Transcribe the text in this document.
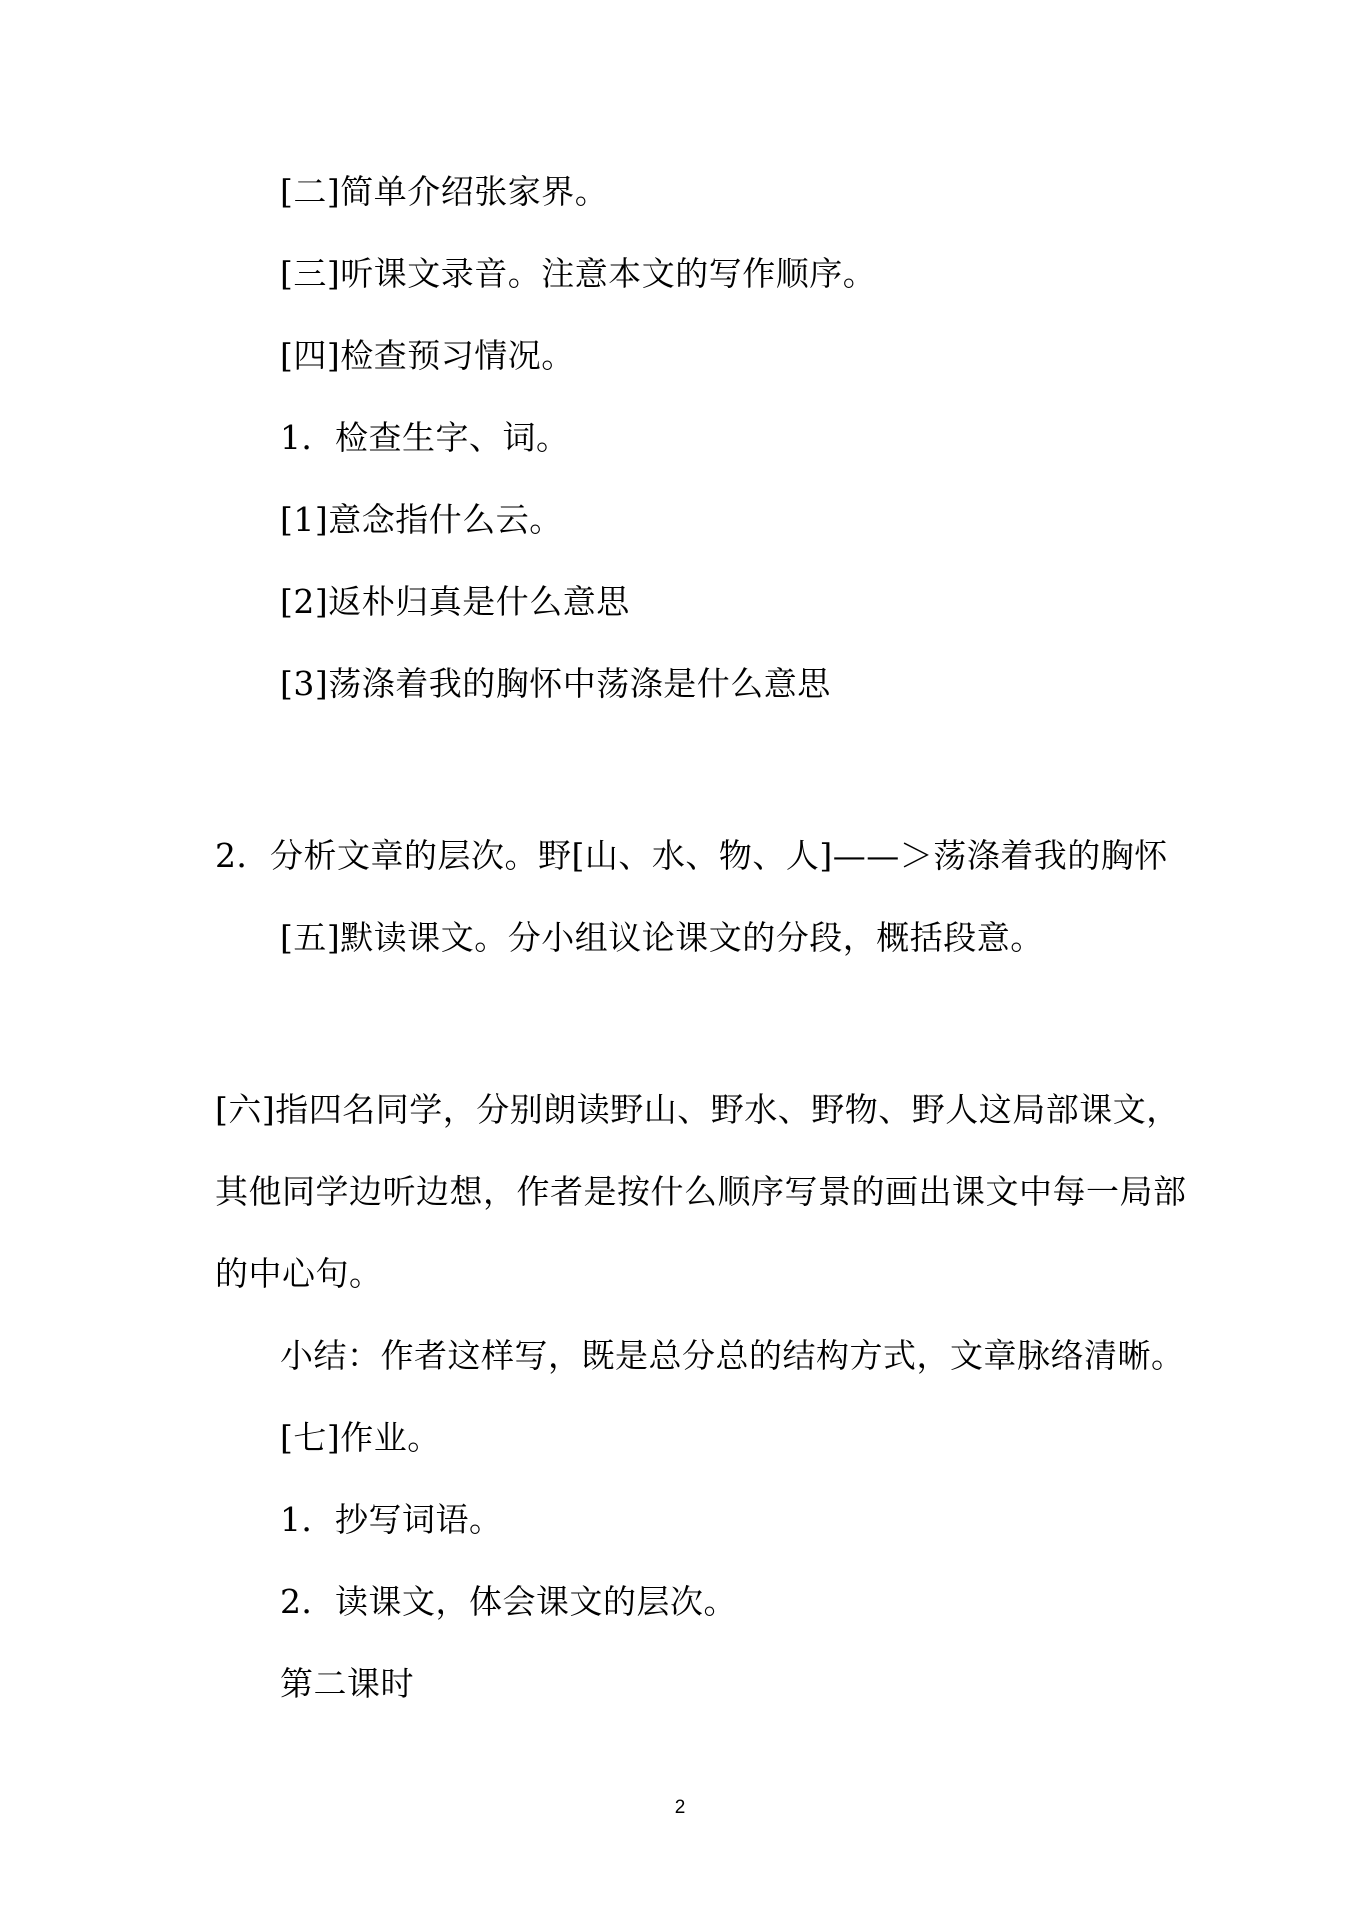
[二]简单介绍张家界。
[三]听课文录音。注意本文的写作顺序。
[四]检查预习情况。
1．检查生字、词。
[1]意念指什么云。
[2]返朴归真是什么意思
[3]荡涤着我的胸怀中荡涤是什么意思
2．分析文章的层次。野[山、水、物、人]——＞荡涤着我的胸怀
[五]默读课文。分小组议论课文的分段，概括段意。
[六]指四名同学，分别朗读野山、野水、野物、野人这局部课文，
其他同学边听边想，作者是按什么顺序写景的画出课文中每一局部
的中心句。
小结：作者这样写，既是总分总的结构方式，文章脉络清晰。
[七]作业。
1．抄写词语。
2．读课文，体会课文的层次。
第二课时
2
